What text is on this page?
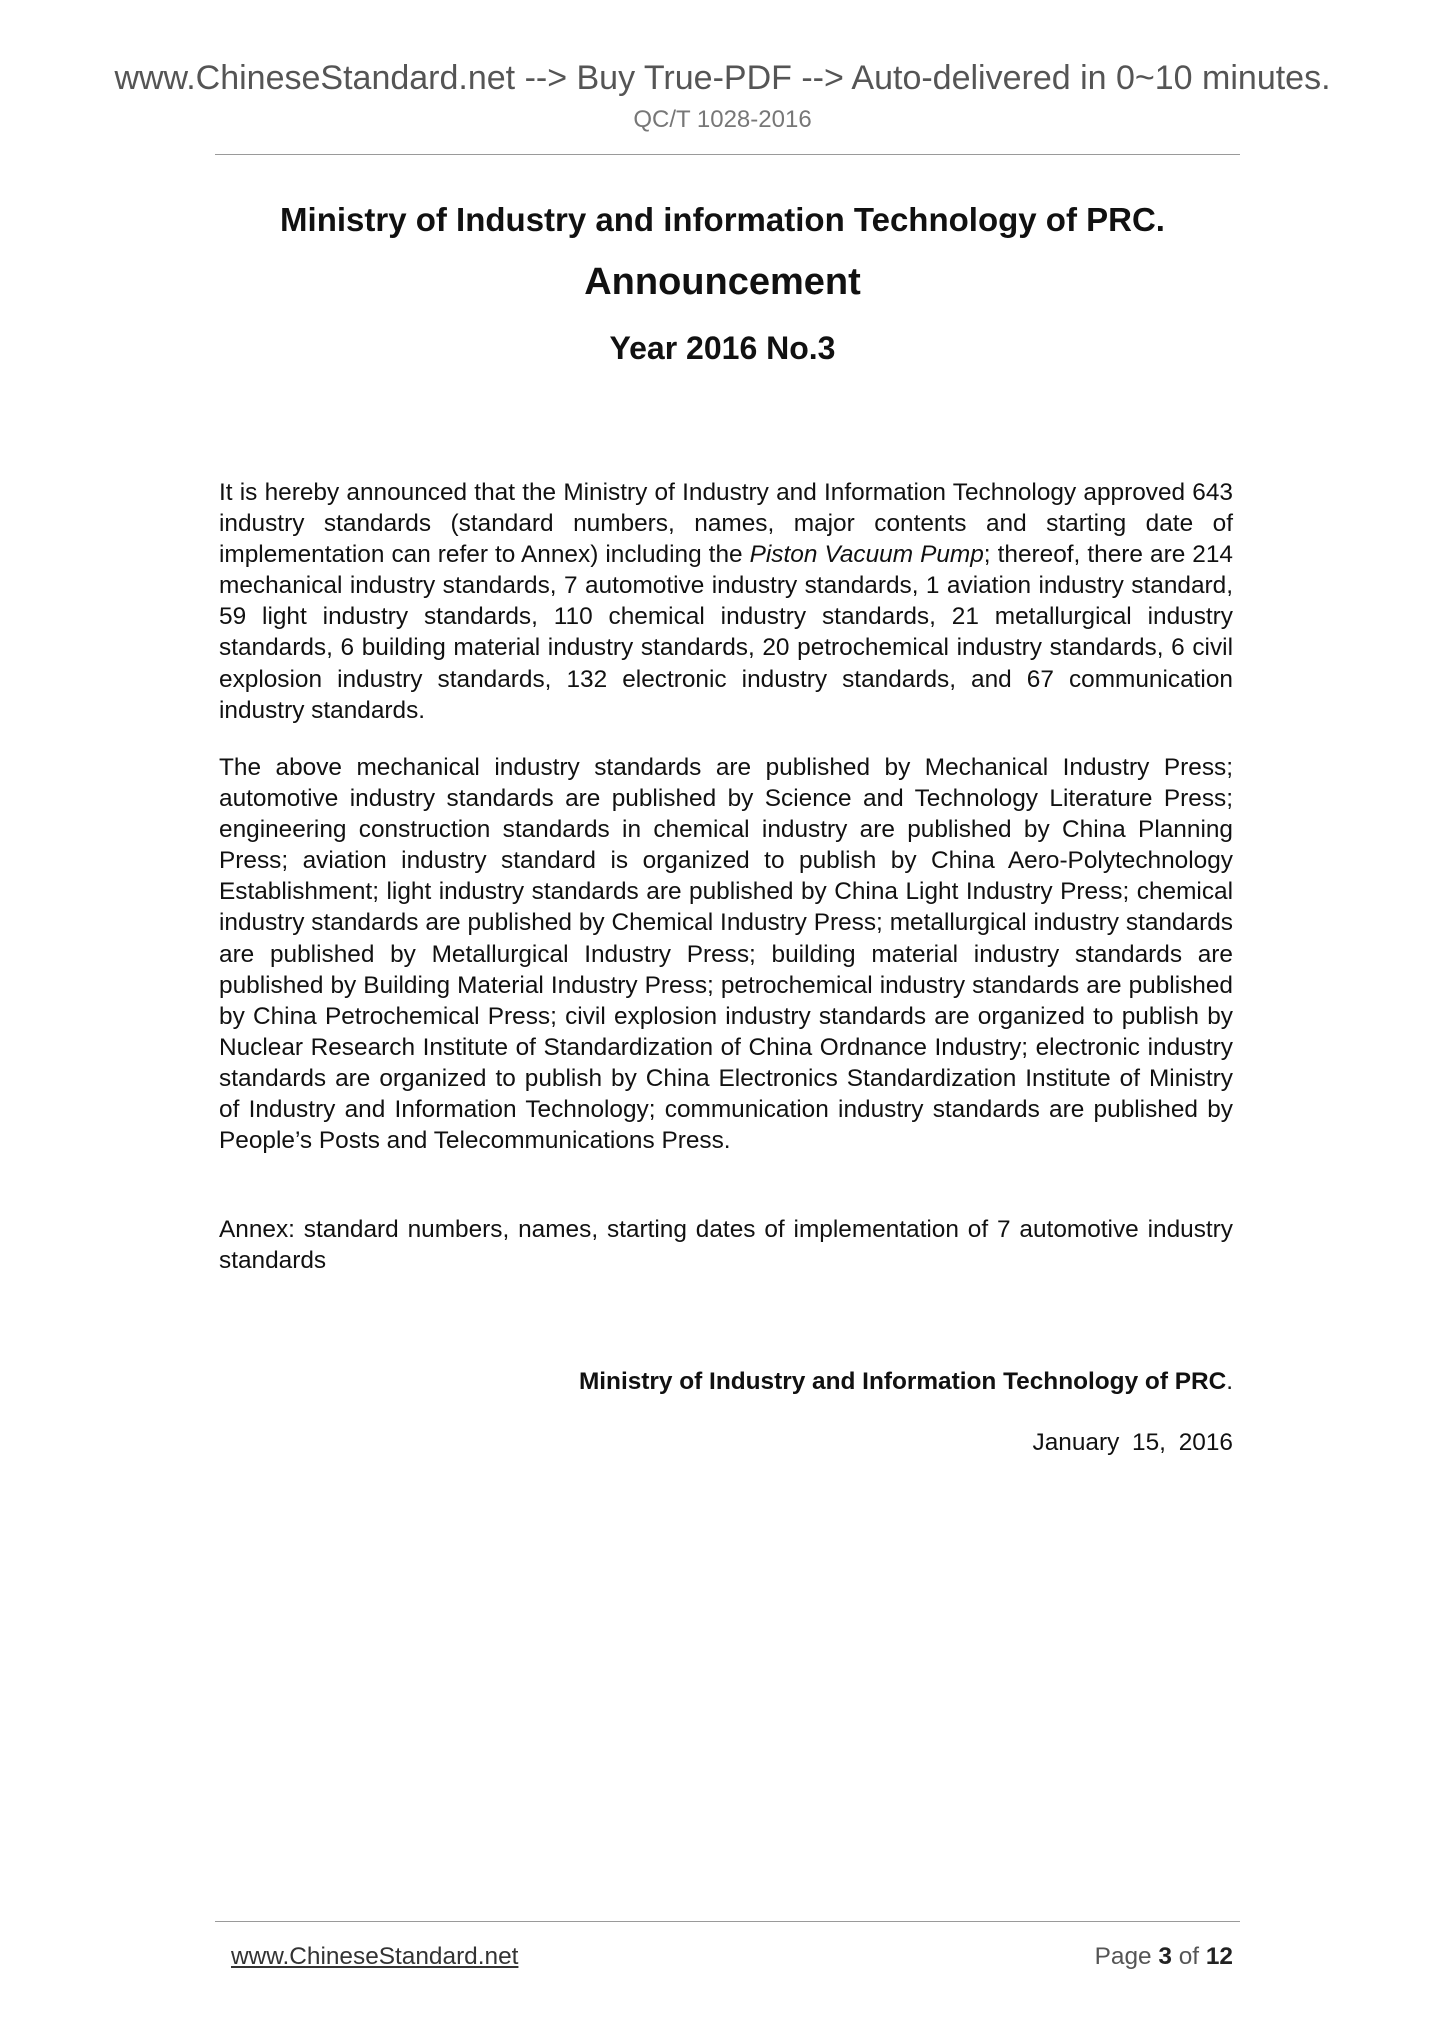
www.ChineseStandard.net --> Buy True-PDF --> Auto-delivered in 0~10 minutes.
QC/T 1028-2016
Ministry of Industry and information Technology of PRC.
Announcement
Year 2016 No.3

It is hereby announced that the Ministry of Industry and Information Technology approved 643 industry standards (standard numbers, names, major contents and starting date of implementation can refer to Annex) including the Piston Vacuum Pump; thereof, there are 214 mechanical industry standards, 7 automotive industry standards, 1 aviation industry standard, 59 light industry standards, 110 chemical industry standards, 21 metallurgical industry standards, 6 building material industry standards, 20 petrochemical industry standards, 6 civil explosion industry standards, 132 electronic industry standards, and 67 communication industry standards.

The above mechanical industry standards are published by Mechanical Industry Press; automotive industry standards are published by Science and Technology Literature Press; engineering construction standards in chemical industry are published by China Planning Press; aviation industry standard is organized to publish by China Aero-Polytechnology Establishment; light industry standards are published by China Light Industry Press; chemical industry standards are published by Chemical Industry Press; metallurgical industry standards are published by Metallurgical Industry Press; building material industry standards are published by Building Material Industry Press; petrochemical industry standards are published by China Petrochemical Press; civil explosion industry standards are organized to publish by Nuclear Research Institute of Standardization of China Ordnance Industry; electronic industry standards are organized to publish by China Electronics Standardization Institute of Ministry of Industry and Information Technology; communication industry standards are published by People’s Posts and Telecommunications Press.

Annex: standard numbers, names, starting dates of implementation of 7 automotive industry standards

Ministry of Industry and Information Technology of PRC.
January 15, 2016
www.ChineseStandard.net	Page 3 of 12
